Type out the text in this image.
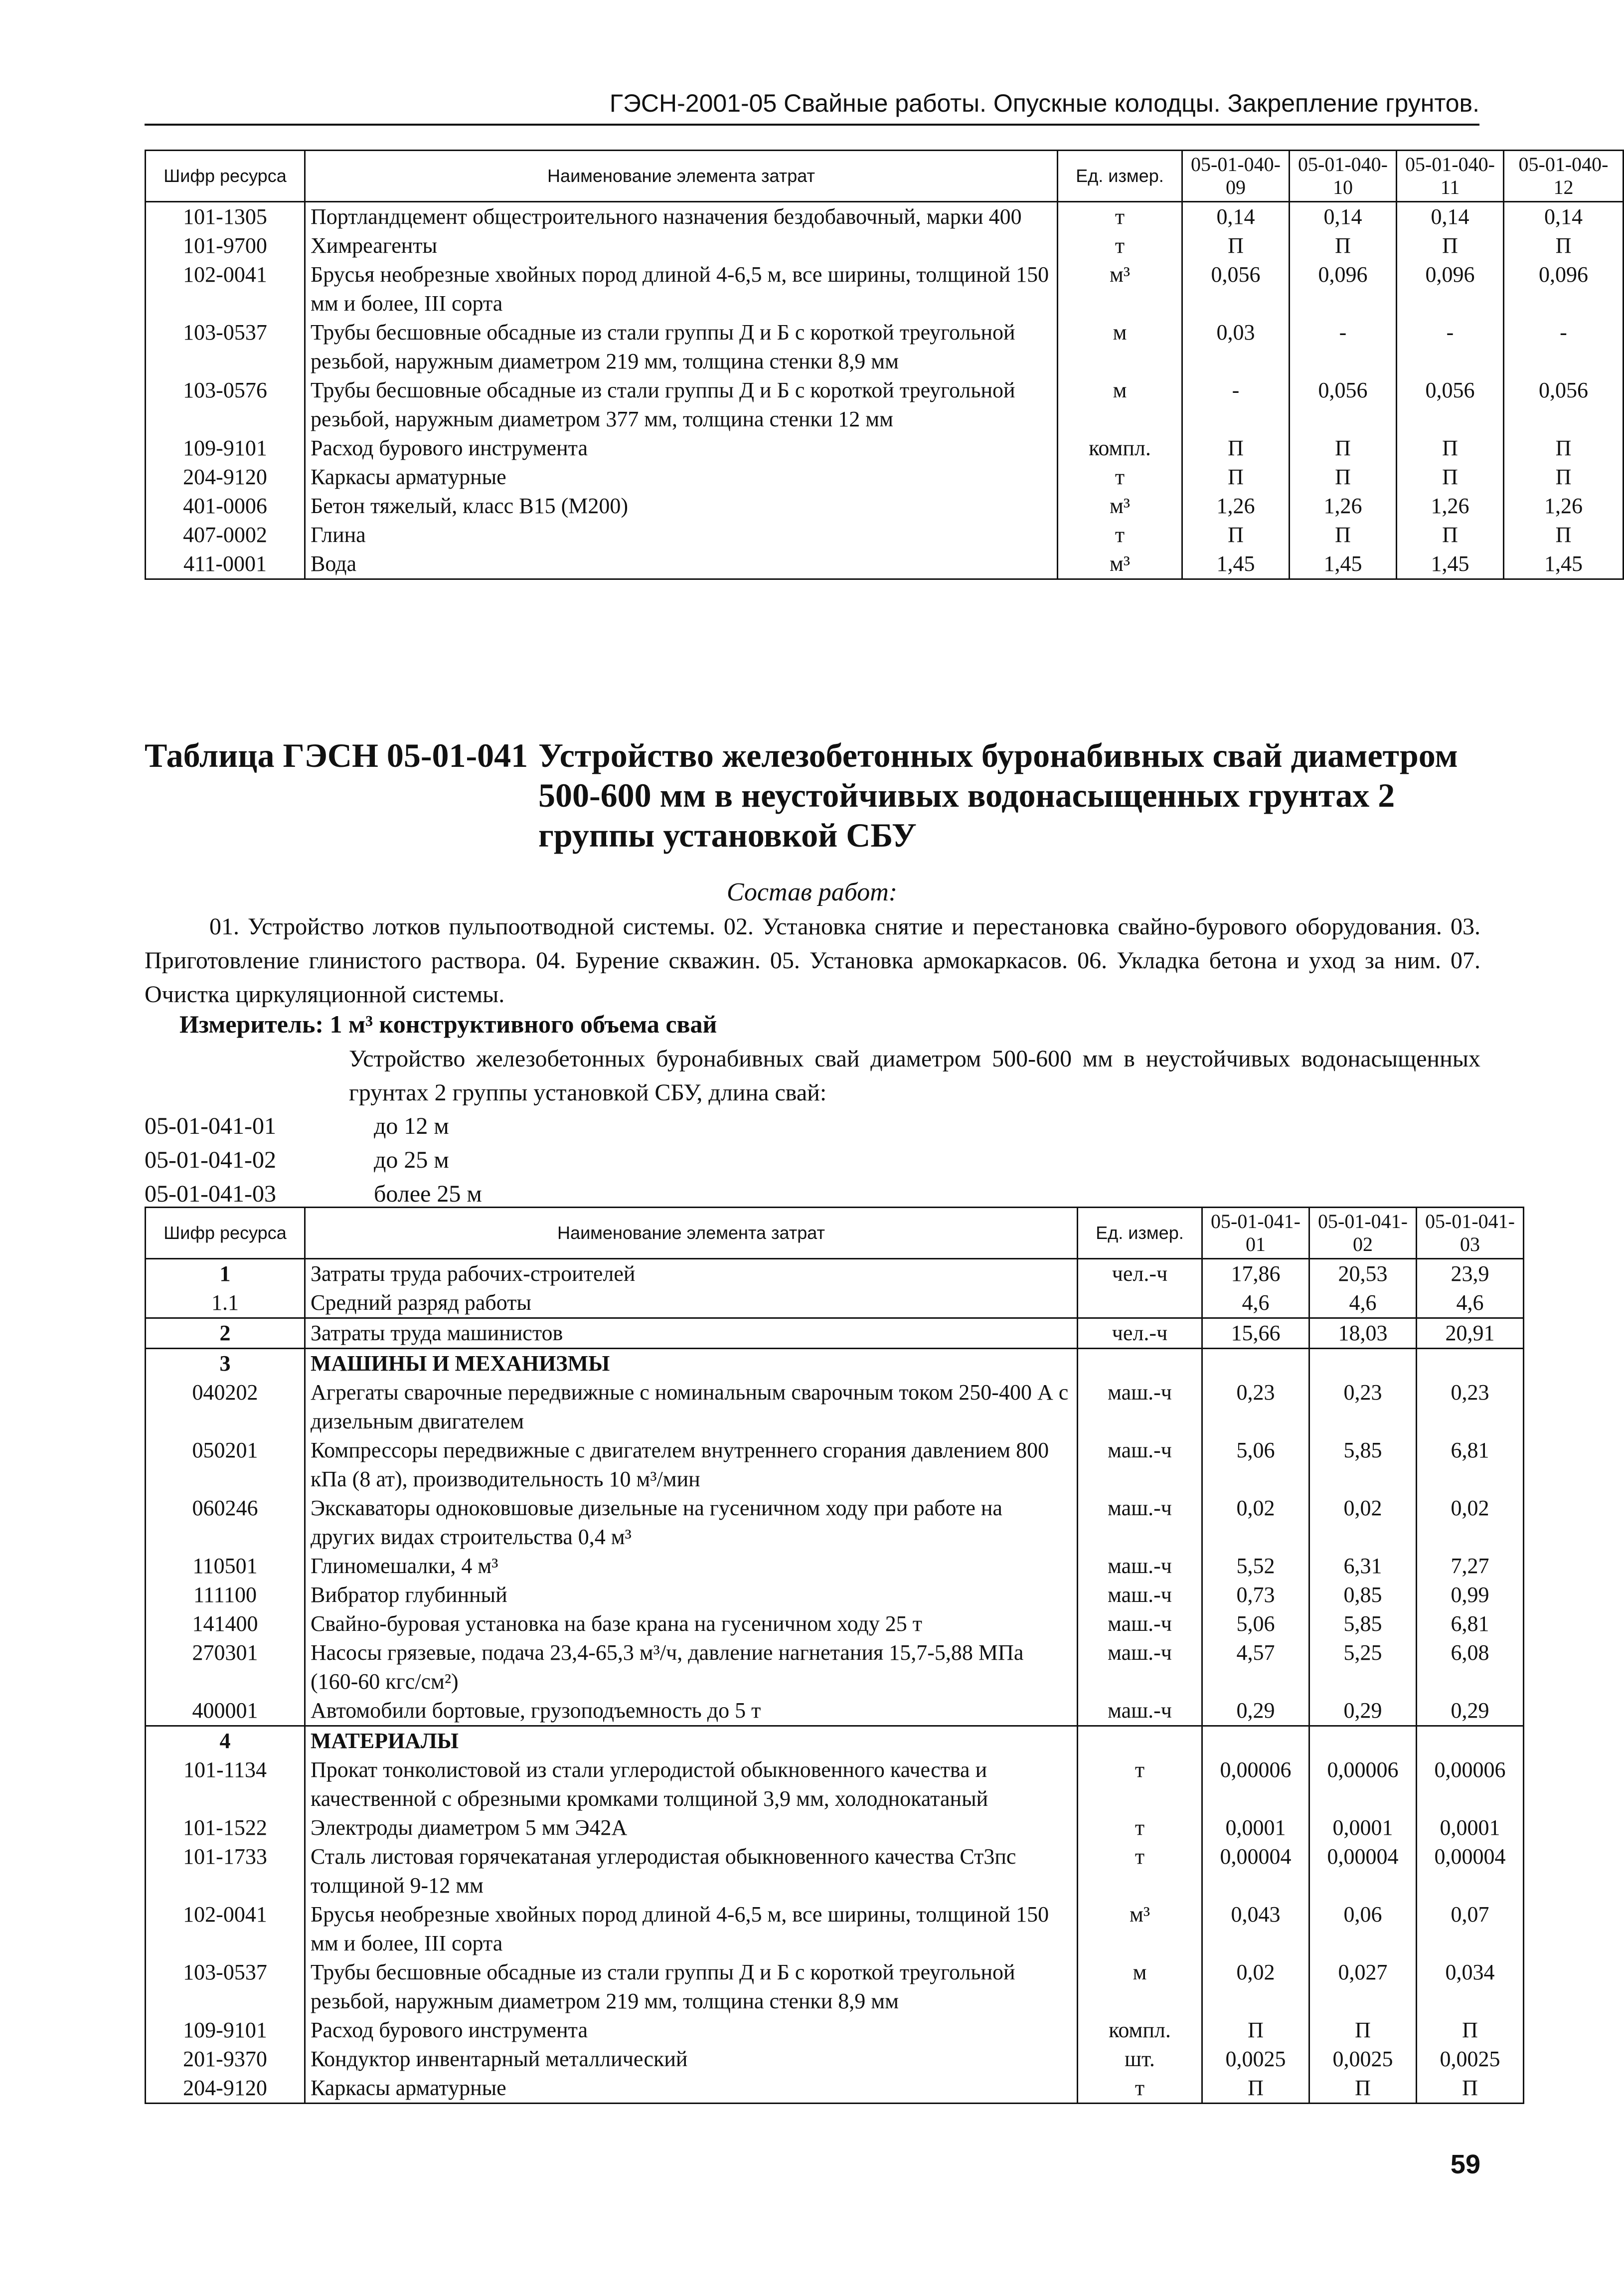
ГЭСН-2001-05 Свайные работы. Опускные колодцы. Закрепление грунтов.
Шифр ресурса	Наименование элемента затрат	Ед. измер.	05-01-040-09	05-01-040-10	05-01-040-11	05-01-040-12
101-1305	Портландцемент общестроительного назначения бездобавочный, марки 400	т	0,14	0,14	0,14	0,14
101-9700	Химреагенты	т	П	П	П	П
102-0041	Брусья необрезные хвойных пород длиной 4-6,5 м, все ширины, толщиной 150 мм и более, III сорта	м³	0,056	0,096	0,096	0,096
103-0537	Трубы бесшовные обсадные из стали группы Д и Б с короткой треугольной резьбой, наружным диаметром 219 мм, толщина стенки 8,9 мм	м	0,03	-	-	-
103-0576	Трубы бесшовные обсадные из стали группы Д и Б с короткой треугольной резьбой, наружным диаметром 377 мм, толщина стенки 12 мм	м	-	0,056	0,056	0,056
109-9101	Расход бурового инструмента	компл.	П	П	П	П
204-9120	Каркасы арматурные	т	П	П	П	П
401-0006	Бетон тяжелый, класс В15 (М200)	м³	1,26	1,26	1,26	1,26
407-0002	Глина	т	П	П	П	П
411-0001	Вода	м³	1,45	1,45	1,45	1,45
Таблица ГЭСН 05-01-041 Устройство железобетонных буронабивных свай диаметром 500-600 мм в неустойчивых водонасыщенных грунтах 2 группы установкой СБУ
Состав работ:
01. Устройство лотков пульпоотводной системы. 02. Установка снятие и перестановка свайно-бурового оборудования. 03. Приготовление глинистого раствора. 04. Бурение скважин. 05. Установка армокаркасов. 06. Укладка бетона и уход за ним. 07. Очистка циркуляционной системы.
Измеритель: 1 м³ конструктивного объема свай
Устройство железобетонных буронабивных свай диаметром 500-600 мм в неустойчивых водонасыщенных грунтах 2 группы установкой СБУ, длина свай:
05-01-041-01	до 12 м
05-01-041-02	до 25 м
05-01-041-03	более 25 м
Шифр ресурса	Наименование элемента затрат	Ед. измер.	05-01-041-01	05-01-041-02	05-01-041-03
1	Затраты труда рабочих-строителей	чел.-ч	17,86	20,53	23,9
1.1	Средний разряд работы		4,6	4,6	4,6
2	Затраты труда машинистов	чел.-ч	15,66	18,03	20,91
3	МАШИНЫ И МЕХАНИЗМЫ				
040202	Агрегаты сварочные передвижные с номинальным сварочным током 250-400 А с дизельным двигателем	маш.-ч	0,23	0,23	0,23
050201	Компрессоры передвижные с двигателем внутреннего сгорания давлением 800 кПа (8 ат), производительность 10 м³/мин	маш.-ч	5,06	5,85	6,81
060246	Экскаваторы одноковшовые дизельные на гусеничном ходу при работе на других видах строительства 0,4 м³	маш.-ч	0,02	0,02	0,02
110501	Глиномешалки, 4 м³	маш.-ч	5,52	6,31	7,27
111100	Вибратор глубинный	маш.-ч	0,73	0,85	0,99
141400	Свайно-буровая установка на базе крана на гусеничном ходу 25 т	маш.-ч	5,06	5,85	6,81
270301	Насосы грязевые, подача 23,4-65,3 м³/ч, давление нагнетания 15,7-5,88 МПа (160-60 кгс/см²)	маш.-ч	4,57	5,25	6,08
400001	Автомобили бортовые, грузоподъемность до 5 т	маш.-ч	0,29	0,29	0,29
4	МАТЕРИАЛЫ				
101-1134	Прокат тонколистовой из стали углеродистой обыкновенного качества и качественной с обрезными кромками толщиной 3,9 мм, холоднокатаный	т	0,00006	0,00006	0,00006
101-1522	Электроды диаметром 5 мм Э42А	т	0,0001	0,0001	0,0001
101-1733	Сталь листовая горячекатаная углеродистая обыкновенного качества Ст3пс толщиной 9-12 мм	т	0,00004	0,00004	0,00004
102-0041	Брусья необрезные хвойных пород длиной 4-6,5 м, все ширины, толщиной 150 мм и более, III сорта	м³	0,043	0,06	0,07
103-0537	Трубы бесшовные обсадные из стали группы Д и Б с короткой треугольной резьбой, наружным диаметром 219 мм, толщина стенки 8,9 мм	м	0,02	0,027	0,034
109-9101	Расход бурового инструмента	компл.	П	П	П
201-9370	Кондуктор инвентарный металлический	шт.	0,0025	0,0025	0,0025
204-9120	Каркасы арматурные	т	П	П	П
59
